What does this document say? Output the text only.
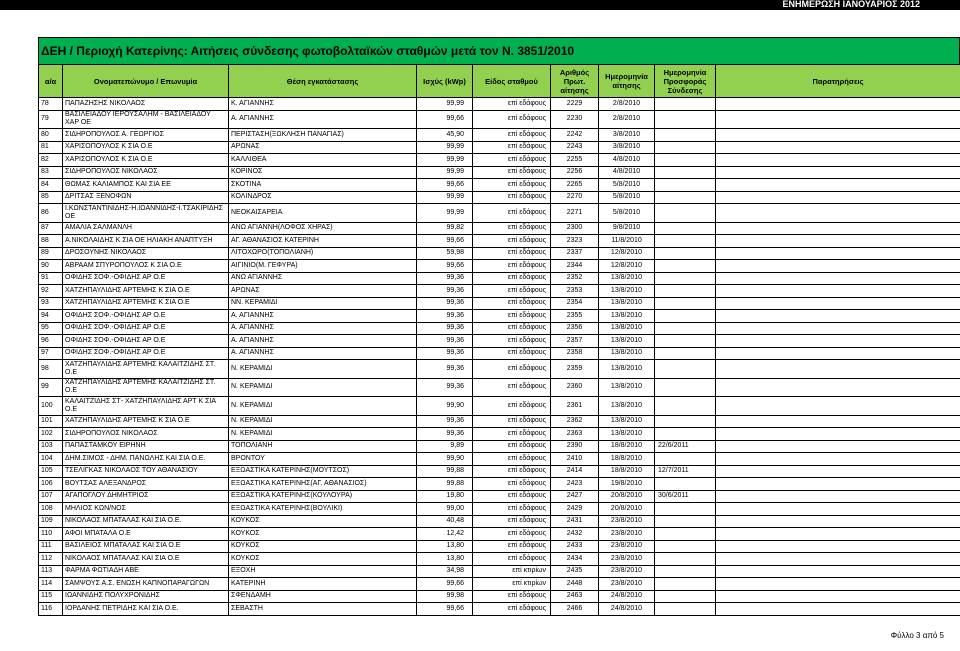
ΕΝΗΜΕΡΩΣΗ ΙΑΝΟΥΑΡΙΟΣ 2012
ΔΕΗ / Περιοχή Κατερίνης: Αιτήσεις σύνδεσης φωτοβολταϊκών σταθμών μετά τον Ν. 3851/2010
α/α	Ονοματεπώνυμο / Επωνυμία	Θέση εγκατάστασης	Ισχύς (kWp)	Είδος σταθμού	Αριθμός Πρωτ. αίτησης	Ημερομηνία αίτησης	Ημερομηνία Προσφοράς Σύνδεσης	Παρατηρήσεις
78	ΠΑΠΑΖΗΣΗΣ ΝΙΚΟΛΑΟΣ	Κ. ΑΓΙΑΝΝΗΣ	99,99	επί εδάφους	2229	2/8/2010		
79	ΒΑΣΙΛΕΙΑΔΟΥ ΙΕΡΟΥΣΑΛΗΜ - ΒΑΣΙΛΕΙΑΔΟΥ ΧΑΡ ΟΕ	Α. ΑΓΙΑΝΝΗΣ	99,66	επί εδάφους	2230	2/8/2010		
80	ΣΙΔΗΡΟΠΟΥΛΟΣ Α. ΓΕΩΡΓΙΟΣ	ΠΕΡΙΣΤΑΣΗ(ΞΩΚΛΗΣΗ ΠΑΝΑΓΙΑΣ)	45,90	επί εδάφους	2242	3/8/2010		
81	ΧΑΡΙΣΟΠΟΥΛΟΣ Κ ΣΙΑ Ο.Ε	ΑΡΩΝΑΣ	99,99	επί εδάφους	2243	3/8/2010		
82	ΧΑΡΙΣΟΠΟΥΛΟΣ Κ ΣΙΑ Ο.Ε	ΚΑΛΛΙΘΕΑ	99,99	επί εδάφους	2255	4/8/2010		
83	ΣΙΔΗΡΟΠΟΥΛΟΣ ΝΙΚΟΛΑΟΣ	ΚΟΡΙΝΟΣ	99,99	επί εδάφους	2256	4/8/2010		
84	ΘΩΜΑΣ ΚΑΛΙΑΜΠΟΣ ΚΑΙ ΣΙΑ ΕΕ	ΣΚΟΤΙΝΑ	99,66	επί εδάφους	2265	5/8/2010		
85	ΔΡΙΤΣΑΣ ΞΕΝΟΦΩΝ	ΚΟΛΙΝΔΡΟΣ	99,99	επί εδάφους	2270	5/8/2010		
86	Ι.ΚΩΝΣΤΑΝΤΙΝΙΔΗΣ-Η.ΙΩΑΝΝΙΔΗΣ-Ι.ΤΣΑΚΙΡΙΔΗΣ ΟΕ	ΝΕΟΚΑΙΣΑΡΕΙΑ	99,99	επί εδάφους	2271	5/8/2010		
87	ΑΜΑΛΙΑ ΣΑΛΜΑΝΛΗ	ΑΝΩ ΑΓΙΑΝΝΗ(ΛΟΦΟΣ ΧΗΡΑΣ)	99,82	επί εδάφους	2300	9/8/2010		
88	Α.ΝΙΚΟΛΑΙΔΗΣ Κ ΣΙΑ ΟΕ ΗΛΙΑΚΗ ΑΝΑΠΤΥΞΗ	ΑΓ. ΑΘΑΝΑΣΙΟΣ ΚΑΤΕΡΙΝΗ	99,66	επί εδάφους	2323	11/8/2010		
89	ΔΡΟΣΟΥΝΗΣ ΝΙΚΟΛΑΟΣ	ΛΙΤΟΧΩΡΟ(ΤΟΠΟΛΙΑΝΗ)	59,98	επί εδάφους	2337	12/8/2010		
90	ΑΒΡΑΑΜ ΣΠΥΡΟΠΟΥΛΟΣ Κ ΣΙΑ Ο.Ε	ΑΙΓΙΝΙΟ(Μ. ΓΕΦΥΡΑ)	99,66	επί εδάφους	2344	12/8/2010		
91	ΟΦΙΔΗΣ ΣΟΦ.-ΟΦΙΔΗΣ ΑΡ Ο.Ε	ΑΝΩ ΑΓΙΑΝΝΗΣ	99,36	επί εδάφους	2352	13/8/2010		
92	ΧΑΤΖΗΠΑΥΛΙΔΗΣ ΑΡΤΕΜΗΣ Κ ΣΙΑ Ο.Ε	ΑΡΩΝΑΣ	99,36	επί εδάφους	2353	13/8/2010		
93	ΧΑΤΖΗΠΑΥΛΙΔΗΣ ΑΡΤΕΜΗΣ Κ ΣΙΑ Ο.Ε	ΝΝ. ΚΕΡΑΜΙΔΙ	99,36	επί εδάφους	2354	13/8/2010		
94	ΟΦΙΔΗΣ ΣΟΦ.-ΟΦΙΔΗΣ ΑΡ Ο.Ε	Α. ΑΓΙΑΝΝΗΣ	99,36	επί εδάφους	2355	13/8/2010		
95	ΟΦΙΔΗΣ ΣΟΦ.-ΟΦΙΔΗΣ ΑΡ Ο.Ε	Α. ΑΓΙΑΝΝΗΣ	99,36	επί εδάφους	2356	13/8/2010		
96	ΟΦΙΔΗΣ ΣΟΦ.-ΟΦΙΔΗΣ ΑΡ Ο.Ε	Α. ΑΓΙΑΝΝΗΣ	99,36	επί εδάφους	2357	13/8/2010		
97	ΟΦΙΔΗΣ ΣΟΦ.-ΟΦΙΔΗΣ ΑΡ Ο.Ε	Α. ΑΓΙΑΝΝΗΣ	99,36	επί εδάφους	2358	13/8/2010		
98	ΧΑΤΖΗΠΑΥΛΙΔΗΣ ΑΡΤΕΜΗΣ ΚΑΛΑΙΤΖΙΔΗΣ ΣΤ. Ο.Ε	Ν. ΚΕΡΑΜΙΔΙ	99,36	επί εδάφους	2359	13/8/2010		
99	ΧΑΤΖΗΠΑΥΛΙΔΗΣ ΑΡΤΕΜΗΣ ΚΑΛΑΙΤΖΙΔΗΣ ΣΤ. Ο.Ε	Ν. ΚΕΡΑΜΙΔΙ	99,36	επί εδάφους	2360	13/8/2010		
100	ΚΑΛΑΙΤΖΙΔΗΣ ΣΤ- ΧΑΤΖΗΠΑΥΛΙΔΗΣ ΑΡΤ Κ ΣΙΑ Ο.Ε	Ν. ΚΕΡΑΜΙΔΙ	99,90	επί εδάφους	2361	13/8/2010		
101	ΧΑΤΖΗΠΑΥΛΙΔΗΣ ΑΡΤΕΜΗΣ Κ ΣΙΑ Ο.Ε	Ν. ΚΕΡΑΜΙΔΙ	99,36	επί εδάφους	2362	13/8/2010		
102	ΣΙΔΗΡΟΠΟΥΛΟΣ ΝΙΚΟΛΑΟΣ	Ν. ΚΕΡΑΜΙΔΙ	99,36	επί εδάφους	2363	13/8/2010		
103	ΠΑΠΑΣΤΑΜΚΟΥ ΕΙΡΗΝΗ	ΤΟΠΟΛΙΑΝΗ	9,89	επί εδάφους	2390	18/8/2010	22/6/2011	
104	ΔΗΜ.ΣΙΜΟΣ - ΔΗΜ. ΠΑΝΩΛΗΣ ΚΑΙ ΣΙΑ Ο.Ε.	ΒΡΟΝΤΟΥ	99,90	επί εδάφους	2410	18/8/2010		
105	ΤΣΕΛΙΓΚΑΣ ΝΙΚΟΛΑΟΣ ΤΟΥ ΑΘΑΝΑΣΙΟΥ	ΕΞΩΑΣΤΙΚΑ ΚΑΤΕΡΙΝΗΣ(ΜΟΥΤΣΟΣ)	99,88	επί εδάφους	2414	18/8/2010	12/7/2011	
106	ΒΟΥΤΣΑΣ ΑΛΕΞΑΝΔΡΟΣ	ΕΞΩΑΣΤΙΚΑ ΚΑΤΕΡΙΝΗΣ(ΑΓ. ΑΘΑΝΑΣΙΟΣ)	99,88	επί εδάφους	2423	19/8/2010		
107	ΑΓΑΠΟΓΛΟΥ ΔΗΜΗΤΡΙΟΣ	ΕΞΩΑΣΤΙΚΑ ΚΑΤΕΡΙΝΗΣ(ΚΟΥΛΟΥΡΑ)	19,80	επί εδάφους	2427	20/8/2010	30/6/2011	
108	ΜΗΛΙΟΣ ΚΩΝ/ΝΟΣ	ΕΞΩΑΣΤΙΚΑ ΚΑΤΕΡΙΝΗΣ(ΒΟΥΛΙΚΙ)	99,00	επί εδάφους	2429	20/8/2010		
109	ΝΙΚΟΛΑΟΣ ΜΠΑΤΑΛΑΣ ΚΑΙ ΣΙΑ Ο.Ε.	ΚΟΥΚΟΣ	40,48	επί εδάφους	2431	23/8/2010		
110	ΑΦΟΙ ΜΠΑΤΑΛΑ Ο.Ε	ΚΟΥΚΟΣ	12,42	επί εδάφους	2432	23/8/2010		
111	ΒΑΣΙΛΕΙΟΣ ΜΠΑΤΑΛΑΣ ΚΑΙ ΣΙΑ Ο.Ε	ΚΟΥΚΟΣ	13,80	επί εδάφους	2433	23/8/2010		
112	ΝΙΚΟΛΑΟΣ ΜΠΑΤΑΛΑΣ ΚΑΙ ΣΙΑ Ο.Ε	ΚΟΥΚΟΣ	13,80	επί εδάφους	2434	23/8/2010		
113	ΦΑΡΜΑ ΦΩΤΙΑΔΗ ΑΒΕ	ΕΞΟΧΗ	34,98	επί κτιρίων	2435	23/8/2010		
114	ΣΑΜΨΟΥΣ Α.Σ. ΕΝΩΣΗ ΚΑΠΝΟΠΑΡΑΓΩΓΩΝ	ΚΑΤΕΡΙΝΗ	99,66	επί κτιρίων	2448	23/8/2010		
115	ΙΩΑΝΝΙΔΗΣ ΠΟΛΥΧΡΟΝΙΔΗΣ	ΣΦΕΝΔΑΜΗ	99,98	επί εδάφους	2463	24/8/2010		
116	ΙΟΡΔΑΝΗΣ ΠΕΤΡΙΔΗΣ ΚΑΙ ΣΙΑ Ο.Ε.	ΣΕΒΑΣΤΗ	99,66	επί εδάφους	2466	24/8/2010		
Φύλλο 3 από 5
